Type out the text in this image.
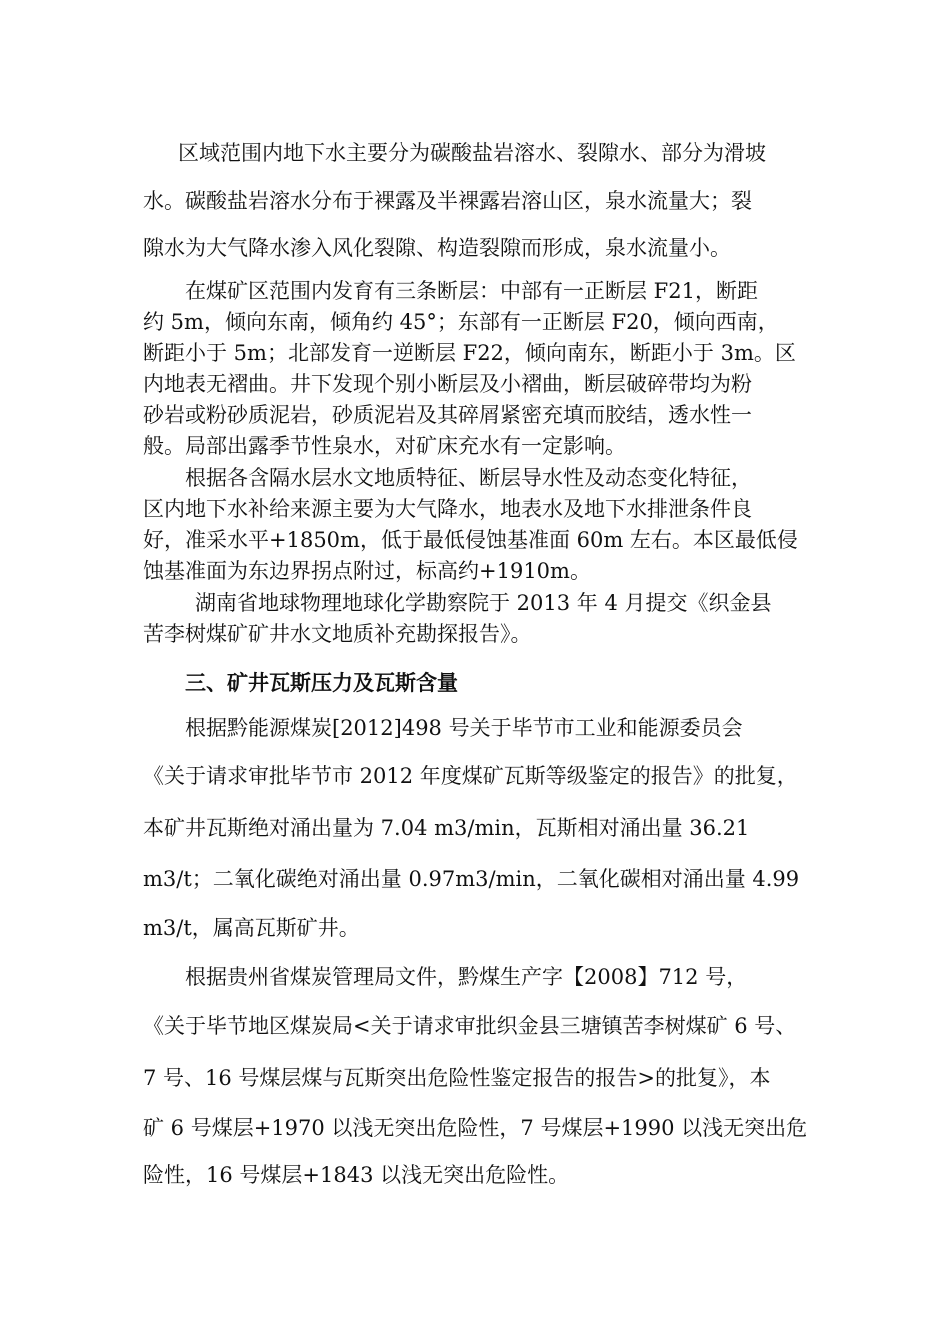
区域范围内地下水主要分为碳酸盐岩溶水、裂隙水、部分为滑坡
水。碳酸盐岩溶水分布于裸露及半裸露岩溶山区，泉水流量大；裂
隙水为大气降水渗入风化裂隙、构造裂隙而形成，泉水流量小。
在煤矿区范围内发育有三条断层：中部有一正断层 F21，断距
约 5m，倾向东南，倾角约 45°；东部有一正断层 F20，倾向西南，
断距小于 5m；北部发育一逆断层 F22，倾向南东，断距小于 3m。区
内地表无褶曲。井下发现个别小断层及小褶曲，断层破碎带均为粉
砂岩或粉砂质泥岩，砂质泥岩及其碎屑紧密充填而胶结，透水性一
般。局部出露季节性泉水，对矿床充水有一定影响。
根据各含隔水层水文地质特征、断层导水性及动态变化特征，
区内地下水补给来源主要为大气降水，地表水及地下水排泄条件良
好，准采水平+1850m，低于最低侵蚀基准面 60m 左右。本区最低侵
蚀基准面为东边界拐点附过，标高约+1910m。
湖南省地球物理地球化学勘察院于 2013 年 4 月提交《织金县
苦李树煤矿矿井水文地质补充勘探报告》。
三、矿井瓦斯压力及瓦斯含量
根据黔能源煤炭[2012]498 号关于毕节市工业和能源委员会
《关于请求审批毕节市 2012 年度煤矿瓦斯等级鉴定的报告》的批复，
本矿井瓦斯绝对涌出量为 7.04 m3/min，瓦斯相对涌出量 36.21
m3/t；二氧化碳绝对涌出量 0.97m3/min，二氧化碳相对涌出量 4.99
m3/t，属高瓦斯矿井。
根据贵州省煤炭管理局文件，黔煤生产字【2008】712 号，
《关于毕节地区煤炭局<关于请求审批织金县三塘镇苦李树煤矿 6 号、
7 号、16 号煤层煤与瓦斯突出危险性鉴定报告的报告>的批复》，本
矿 6 号煤层+1970 以浅无突出危险性，7 号煤层+1990 以浅无突出危
险性，16 号煤层+1843 以浅无突出危险性。
